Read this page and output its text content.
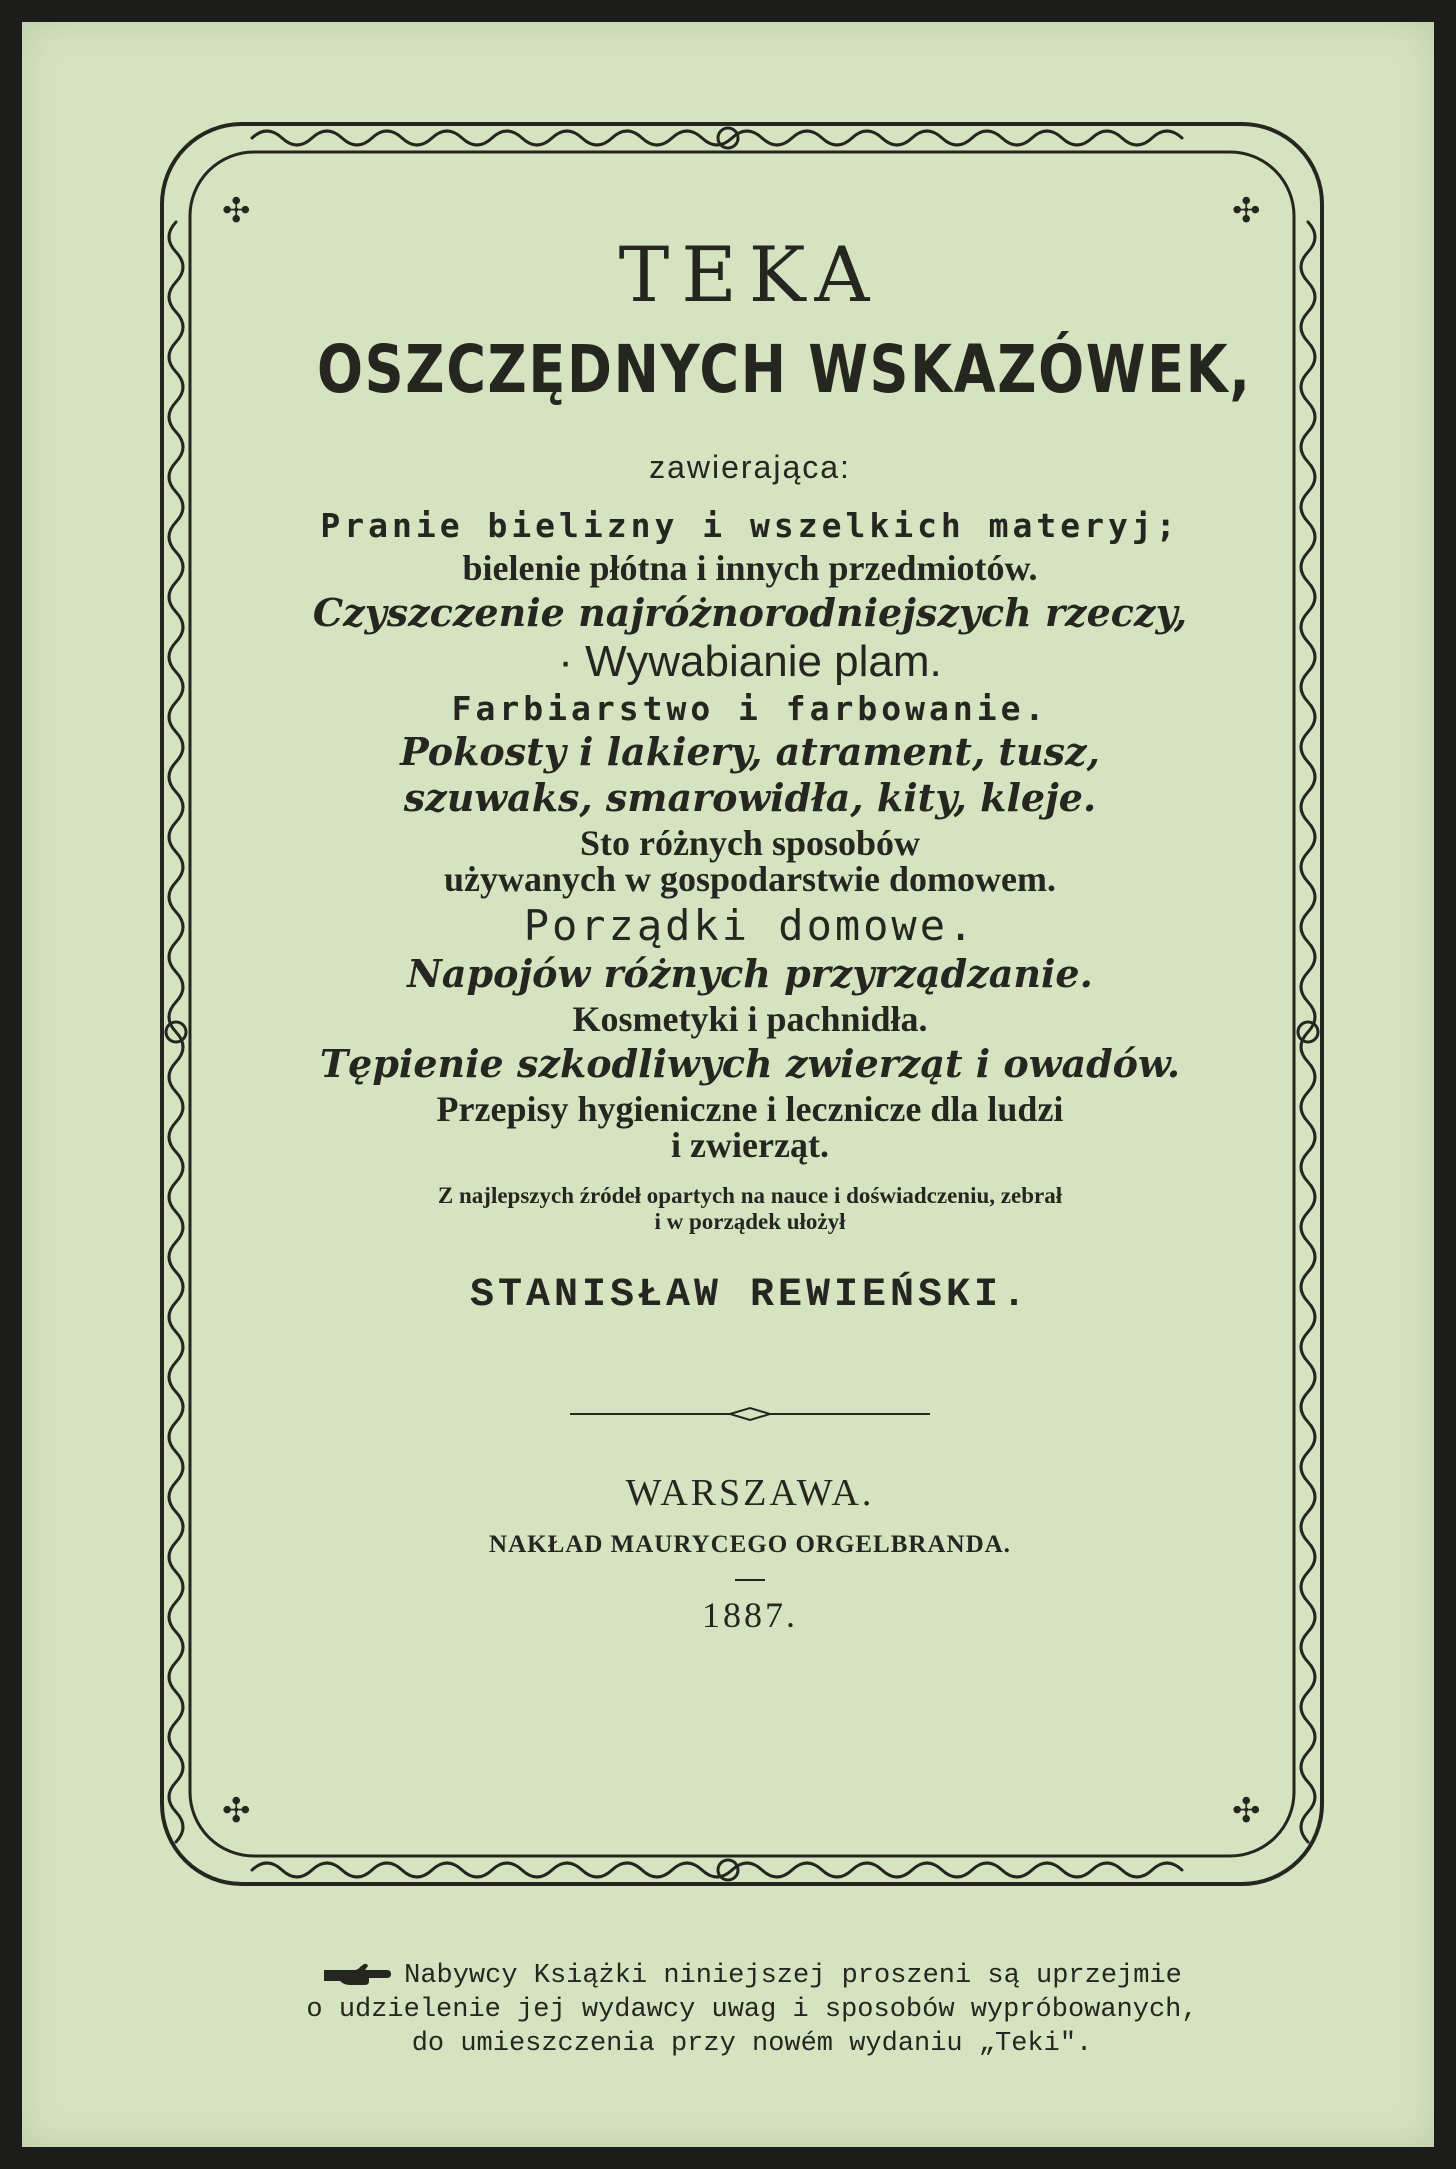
✣	✣
✣	✣
TEKA
OSZCZĘDNYCH WSKAZÓWEK,
zawierająca:
Pranie bielizny i wszelkich materyj;
bielenie płótna i innych przedmiotów.
Czyszczenie najróżnorodniejszych rzeczy,
· Wywabianie plam.
Farbiarstwo i farbowanie.
Pokosty i lakiery, atrament, tusz,
szuwaks, smarowidła, kity, kleje.
Sto różnych sposobów
używanych w gospodarstwie domowem.
Porządki domowe.
Napojów różnych przyrządzanie.
Kosmetyki i pachnidła.
Tępienie szkodliwych zwierząt i owadów.
Przepisy hygieniczne i lecznicze dla ludzi
i zwierząt.
Z najlepszych źródeł opartych na nauce i doświadczeniu, zebrał
i w porządek ułożył
STANISŁAW REWIEŃSKI.
WARSZAWA.
NAKŁAD MAURYCEGO ORGELBRANDA.
1887.
Nabywcy Książki niniejszej proszeni są uprzejmie
o udzielenie jej wydawcy uwag i sposobów wypróbowanych,
do umieszczenia przy nowém wydaniu „Teki".
